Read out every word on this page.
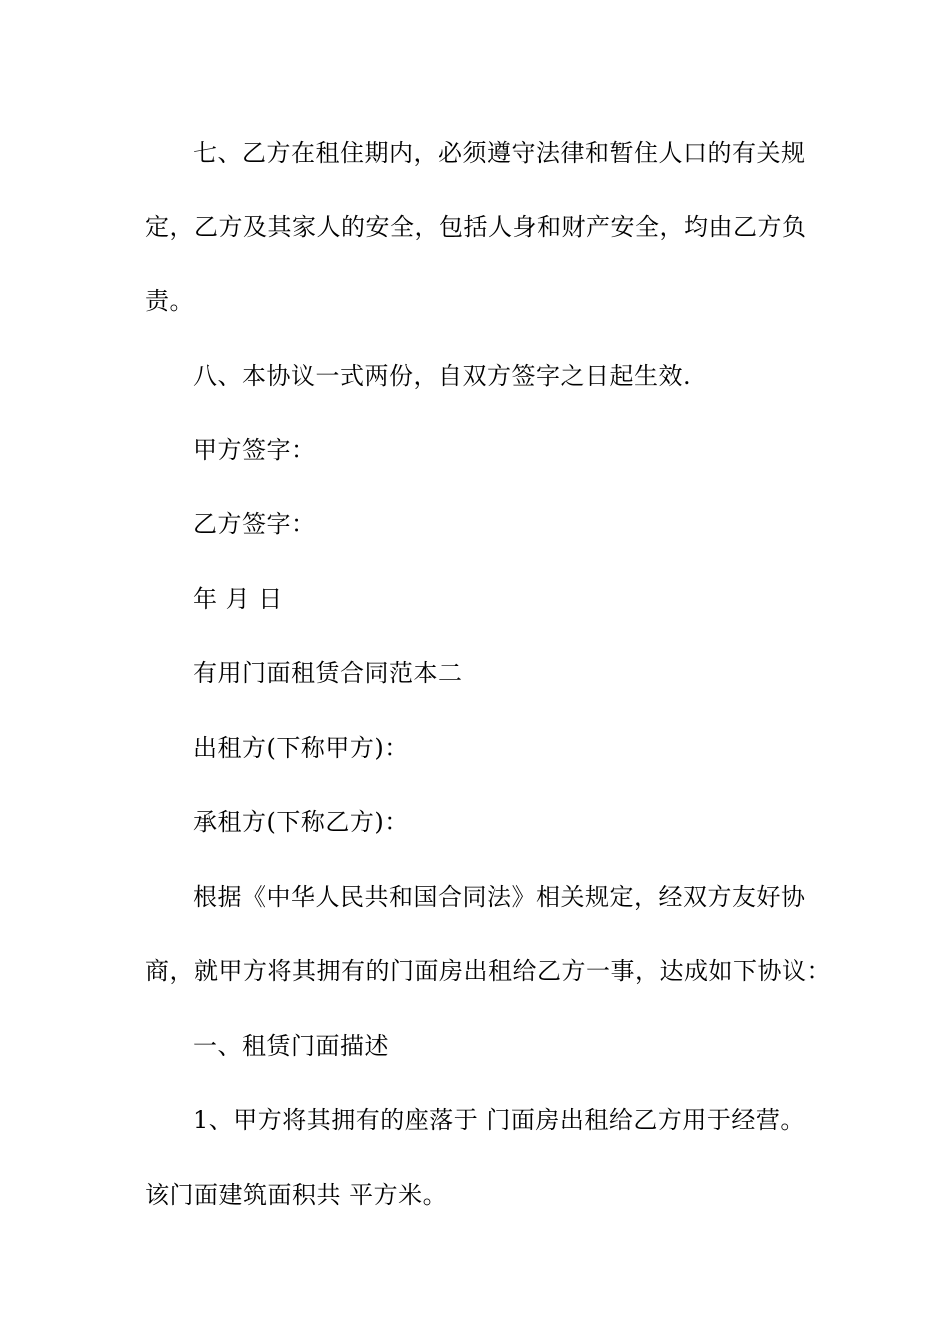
七、乙方在租住期内，必须遵守法律和暂住人口的有关规
定，乙方及其家人的安全，包括人身和财产安全，均由乙方负
责。
八、本协议一式两份，自双方签字之日起生效.
甲方签字：
乙方签字：
年 月 日
有用门面租赁合同范本二
出租方(下称甲方)：
承租方(下称乙方)：
根据《中华人民共和国合同法》相关规定，经双方友好协
商，就甲方将其拥有的门面房出租给乙方一事，达成如下协议：
一、租赁门面描述
1、甲方将其拥有的座落于 门面房出租给乙方用于经营。
该门面建筑面积共 平方米。
